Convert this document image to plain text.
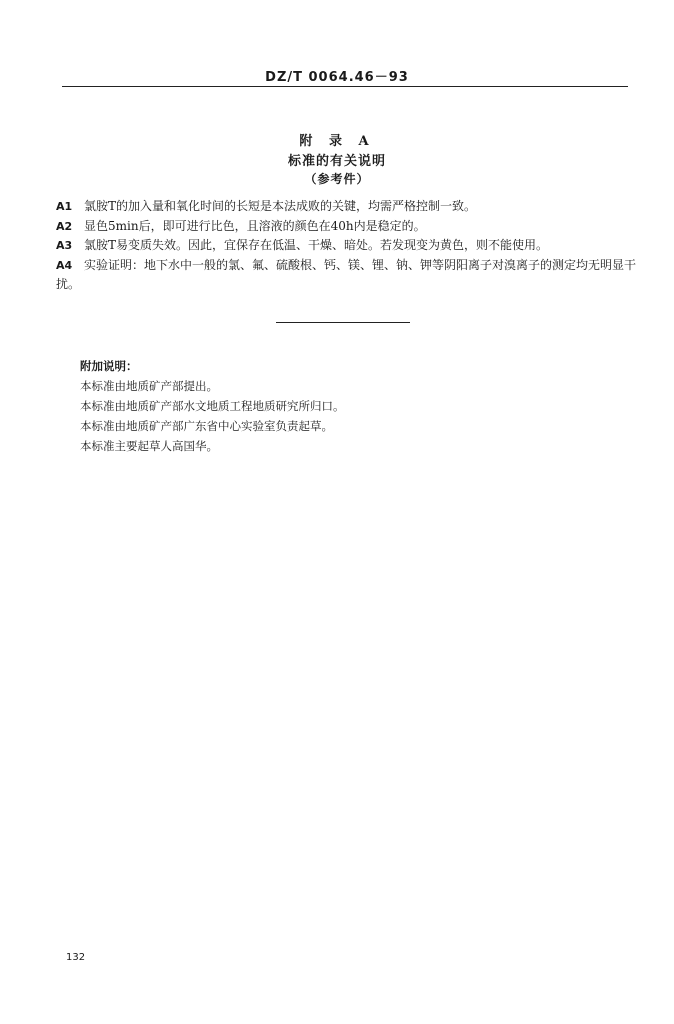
DZ/T 0064.46－93
附 录 A
标准的有关说明
（参考件）

A1 氯胺T的加入量和氧化时间的长短是本法成败的关键，均需严格控制一致。

A2 显色5min后，即可进行比色，且溶液的颜色在40h内是稳定的。

A3 氯胺T易变质失效。因此，宜保存在低温、干燥、暗处。若发现变为黄色，则不能使用。

A4 实验证明：地下水中一般的氯、氟、硫酸根、钙、镁、锂、钠、钾等阴阳离子对溴离子的测定均无明显干扰。

附加说明：

本标准由地质矿产部提出。

本标准由地质矿产部水文地质工程地质研究所归口。

本标准由地质矿产部广东省中心实验室负责起草。

本标准主要起草人高国华。

132
